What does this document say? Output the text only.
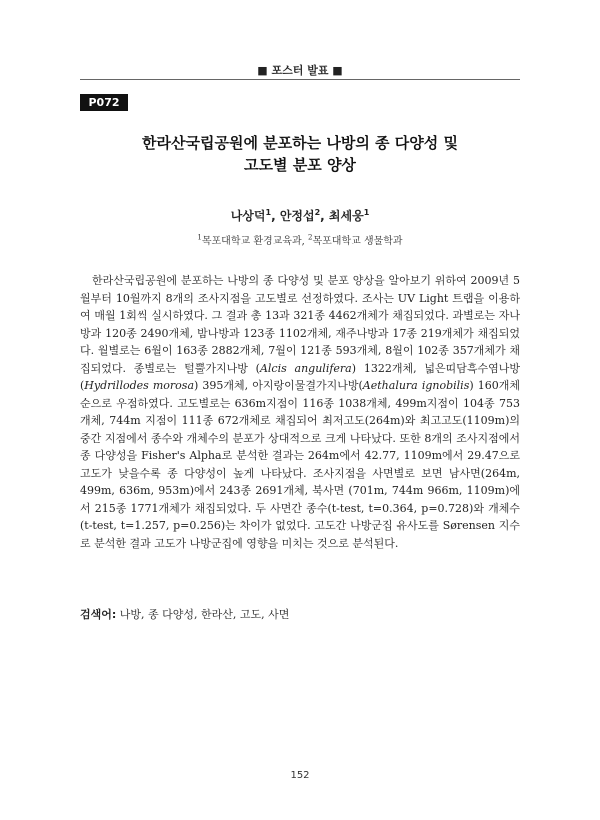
■ 포스터 발표 ■
P072
한라산국립공원에 분포하는 나방의 종 다양성 및
고도별 분포 양상
나상덕$^1$, 안정섭$^2$, 최세웅$^1$
$^1$목포대학교 환경교육과, $^2$목포대학교 생물학과
한라산국립공원에 분포하는 나방의 종 다양성 및 분포 양상을 알아보기 위하여 2009년 5월부터 10월까지 8개의 조사지점을 고도별로 선정하였다. 조사는 UV Light 트랩을 이용하여 매월 1회씩 실시하였다. 그 결과 총 13과 321종 4462개체가 채집되었다. 과별로는 자나방과 120종 2490개체, 밤나방과 123종 1102개체, 재주나방과 17종 219개체가 채집되었다. 월별로는 6월이 163종 2882개체, 7월이 121종 593개체, 8월이 102종 357개체가 채집되었다. 종별로는 털뿔가지나방 (Alcis angulifera) 1322개체, 넓은띠담흑수염나방(Hydrillodes morosa) 395개체, 아지랑이물결가지나방(Aethalura ignobilis) 160개체 순으로 우점하였다. 고도별로는 636m지점이 116종 1038개체, 499m지점이 104종 753개체, 744m 지점이 111종 672개체로 채집되어 최저고도(264m)와 최고고도(1109m)의 중간 지점에서 종수와 개체수의 분포가 상대적으로 크게 나타났다. 또한 8개의 조사지점에서 종 다양성을 Fisher's Alpha로 분석한 결과는 264m에서 42.77, 1109m에서 29.47으로 고도가 낮을수록 종 다양성이 높게 나타났다. 조사지점을 사면별로 보면 남사면(264m, 499m, 636m, 953m)에서 243종 2691개체, 북사면 (701m, 744m 966m, 1109m)에서 215종 1771개체가 채집되었다. 두 사면간 종수(t-test, t=0.364, p=0.728)와 개체수(t-test, t=1.257, p=0.256)는 차이가 없었다. 고도간 나방군집 유사도를 Sørensen 지수로 분석한 결과 고도가 나방군집에 영향을 미치는 것으로 분석된다.
검색어: 나방, 종 다양성, 한라산, 고도, 사면
152
